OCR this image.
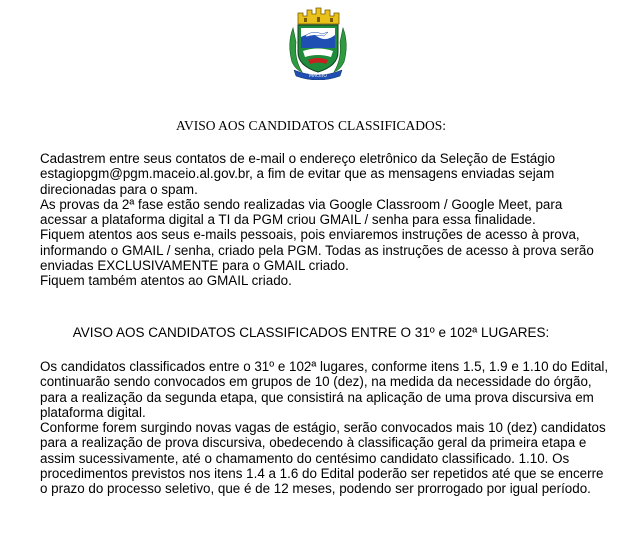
MACEIO
AVISO AOS CANDIDATOS CLASSIFICADOS:

Cadastrem entre seus contatos de e-mail o endereço eletrônico da Seleção de Estágio estagiopgm@pgm.maceio.al.gov.br, a fim de evitar que as mensagens enviadas sejam direcionadas para o spam.

As provas da 2ª fase estão sendo realizadas via Google Classroom / Google Meet, para acessar a plataforma digital a TI da PGM criou GMAIL / senha para essa finalidade.

Fiquem atentos aos seus e-mails pessoais, pois enviaremos instruções de acesso à prova, informando o GMAIL / senha, criado pela PGM. Todas as instruções de acesso à prova serão enviadas EXCLUSIVAMENTE para o GMAIL criado.

Fiquem também atentos ao GMAIL criado.

AVISO AOS CANDIDATOS CLASSIFICADOS ENTRE O 31º e 102ª LUGARES:

Os candidatos classificados entre o 31º e 102ª lugares, conforme itens 1.5, 1.9 e 1.10 do Edital, continuarão sendo convocados em grupos de 10 (dez), na medida da necessidade do órgão, para a realização da segunda etapa, que consistirá na aplicação de uma prova discursiva em plataforma digital.

Conforme forem surgindo novas vagas de estágio, serão convocados mais 10 (dez) candidatos para a realização de prova discursiva, obedecendo à classificação geral da primeira etapa e assim sucessivamente, até o chamamento do centésimo candidato classificado. 1.10. Os procedimentos previstos nos itens 1.4 a 1.6 do Edital poderão ser repetidos até que se encerre o prazo do processo seletivo, que é de 12 meses, podendo ser prorrogado por igual período.
